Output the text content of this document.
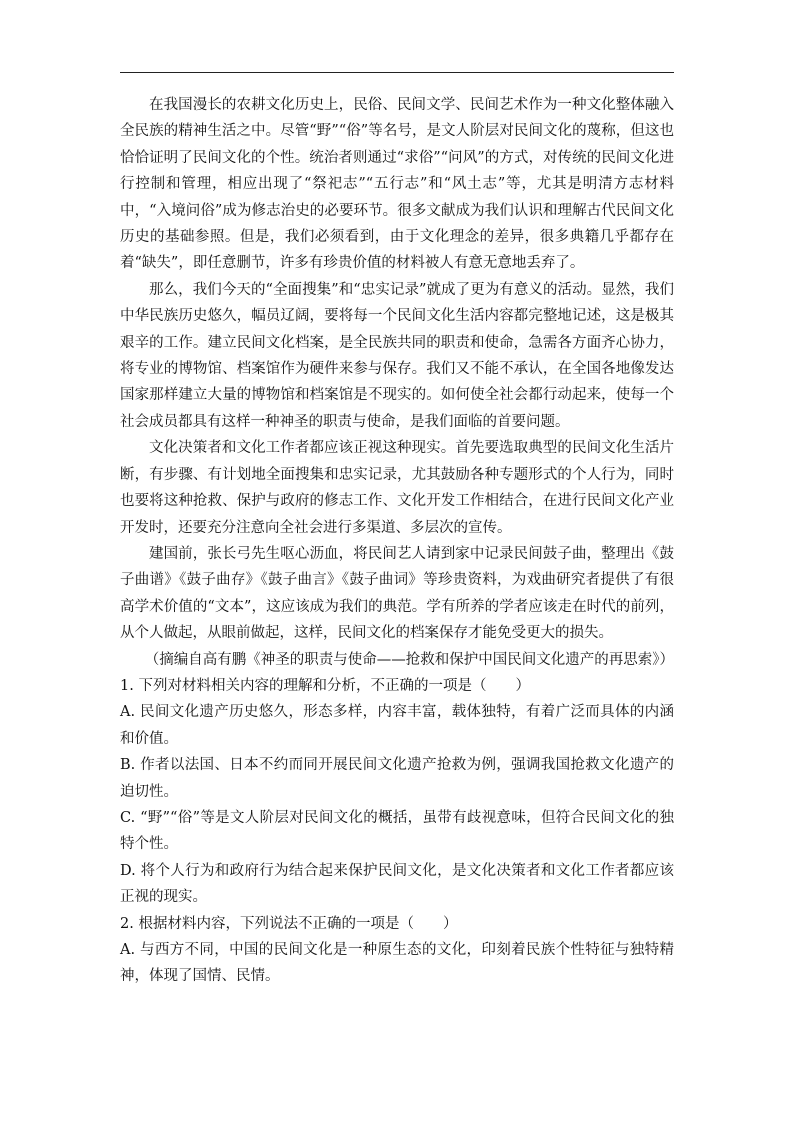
在我国漫长的农耕文化历史上，民俗、民间文学、民间艺术作为一种文化整体融入全民族的精神生活之中。尽管“野”“俗”等名号，是文人阶层对民间文化的蔑称，但这也恰恰证明了民间文化的个性。统治者则通过“求俗”“问风”的方式，对传统的民间文化进行控制和管理，相应出现了“祭祀志”“五行志”和“风土志”等，尤其是明清方志材料中，“入境问俗”成为修志治史的必要环节。很多文献成为我们认识和理解古代民间文化历史的基础参照。但是，我们必须看到，由于文化理念的差异，很多典籍几乎都存在着“缺失”，即任意删节，许多有珍贵价值的材料被人有意无意地丢弃了。

那么，我们今天的“全面搜集”和“忠实记录”就成了更为有意义的活动。显然，我们中华民族历史悠久，幅员辽阔，要将每一个民间文化生活内容都完整地记述，这是极其艰辛的工作。建立民间文化档案，是全民族共同的职责和使命，急需各方面齐心协力，将专业的博物馆、档案馆作为硬件来参与保存。我们又不能不承认，在全国各地像发达国家那样建立大量的博物馆和档案馆是不现实的。如何使全社会都行动起来，使每一个社会成员都具有这样一种神圣的职责与使命，是我们面临的首要问题。

文化决策者和文化工作者都应该正视这种现实。首先要选取典型的民间文化生活片断，有步骤、有计划地全面搜集和忠实记录，尤其鼓励各种专题形式的个人行为，同时也要将这种抢救、保护与政府的修志工作、文化开发工作相结合，在进行民间文化产业开发时，还要充分注意向全社会进行多渠道、多层次的宣传。

建国前，张长弓先生呕心沥血，将民间艺人请到家中记录民间鼓子曲，整理出《鼓子曲谱》《鼓子曲存》《鼓子曲言》《鼓子曲词》等珍贵资料，为戏曲研究者提供了有很高学术价值的“文本”，这应该成为我们的典范。学有所养的学者应该走在时代的前列，从个人做起，从眼前做起，这样，民间文化的档案保存才能免受更大的损失。

（摘编自高有鹏《神圣的职责与使命——抢救和保护中国民间文化遗产的再思索》）

1. 下列对材料相关内容的理解和分析，不正确的一项是（　　）

A. 民间文化遗产历史悠久，形态多样，内容丰富，载体独特，有着广泛而具体的内涵和价值。

B. 作者以法国、日本不约而同开展民间文化遗产抢救为例，强调我国抢救文化遗产的迫切性。

C. “野”“俗”等是文人阶层对民间文化的概括，虽带有歧视意味，但符合民间文化的独特个性。

D. 将个人行为和政府行为结合起来保护民间文化，是文化决策者和文化工作者都应该正视的现实。

2. 根据材料内容，下列说法不正确的一项是（　　）

A. 与西方不同，中国的民间文化是一种原生态的文化，印刻着民族个性特征与独特精神，体现了国情、民情。
